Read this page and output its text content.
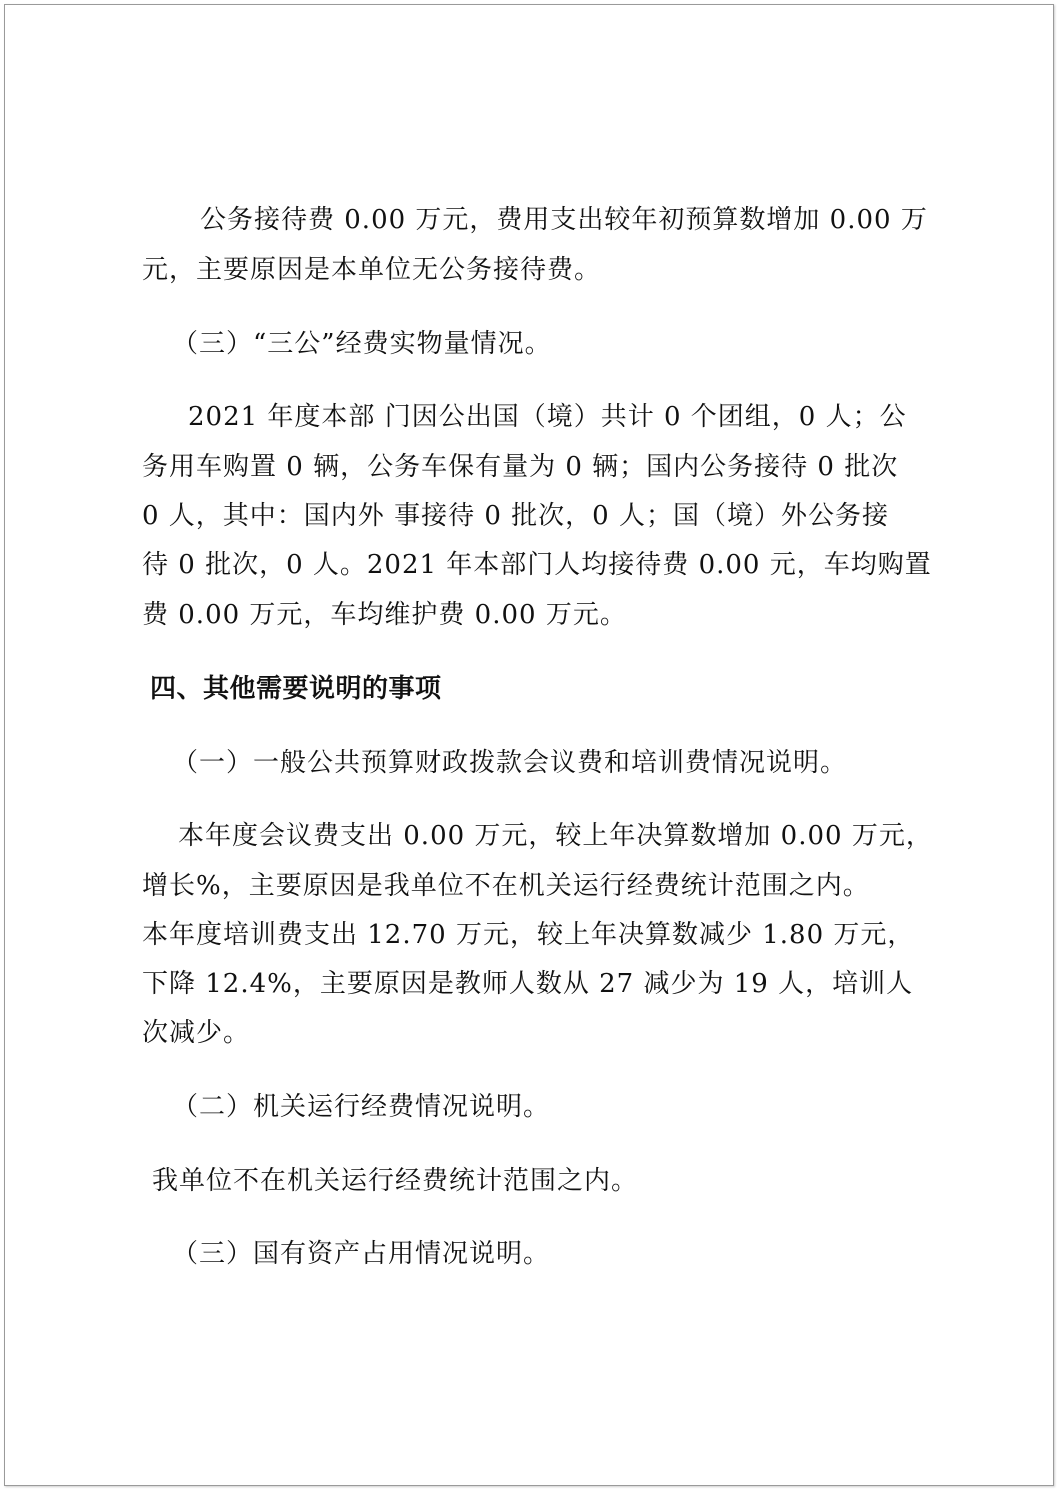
公务接待费 0.00 万元，费用支出较年初预算数增加 0.00 万
元，主要原因是本单位无公务接待费。
（三）“三公”经费实物量情况。
2021 年度本部 门因公出国（境）共计 0 个团组，0 人；公
务用车购置 0 辆，公务车保有量为 0 辆；国内公务接待 0 批次
0 人，其中：国内外 事接待 0 批次，0 人；国（境）外公务接
待 0 批次，0 人。2021 年本部门人均接待费 0.00 元，车均购置
费 0.00 万元，车均维护费 0.00 万元。
四、其他需要说明的事项
（一）一般公共预算财政拨款会议费和培训费情况说明。
本年度会议费支出 0.00 万元，较上年决算数增加 0.00 万元，
增长%，主要原因是我单位不在机关运行经费统计范围之内。
本年度培训费支出 12.70 万元，较上年决算数减少 1.80 万元，
下降 12.4%，主要原因是教师人数从 27 减少为 19 人，培训人
次减少。
（二）机关运行经费情况说明。
我单位不在机关运行经费统计范围之内。
（三）国有资产占用情况说明。
